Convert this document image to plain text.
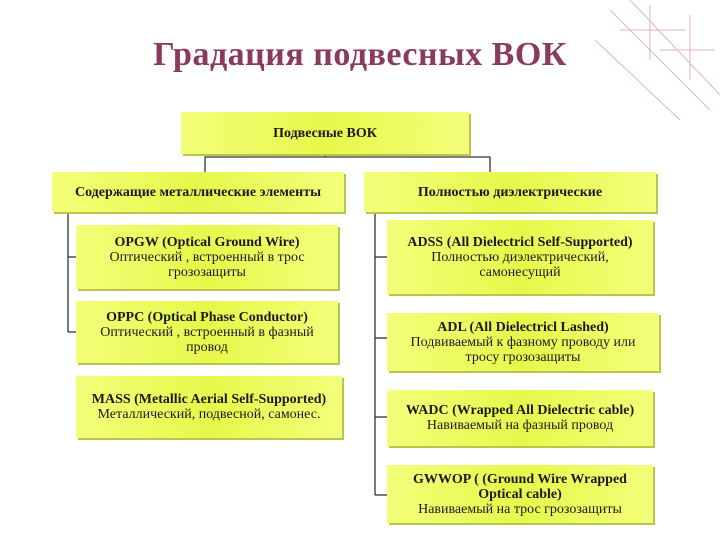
Градация подвесных ВОК
Подвесные ВОК
Содержащие металлические элементы	Полностью диэлектрические
OPGW (Optical Ground Wire)
Оптический , встроенный в трос грозозащиты
OPPC (Optical Phase Conductor)
Оптический , встроенный в фазный провод
MASS (Metallic Aerial Self-Supported)
Металлический, подвесной, самонес.
ADSS (All Dielectricl Self-Supported)
Полностью диэлектрический, самонесущий
ADL (All Dielectricl Lashed)
Подвиваемый к фазному проводу или тросу грозозащиты
WADC (Wrapped All Dielectric cable)
Навиваемый на фазный провод
GWWOP ( (Ground Wire Wrapped Optical cable)
Навиваемый на трос грозозащиты
